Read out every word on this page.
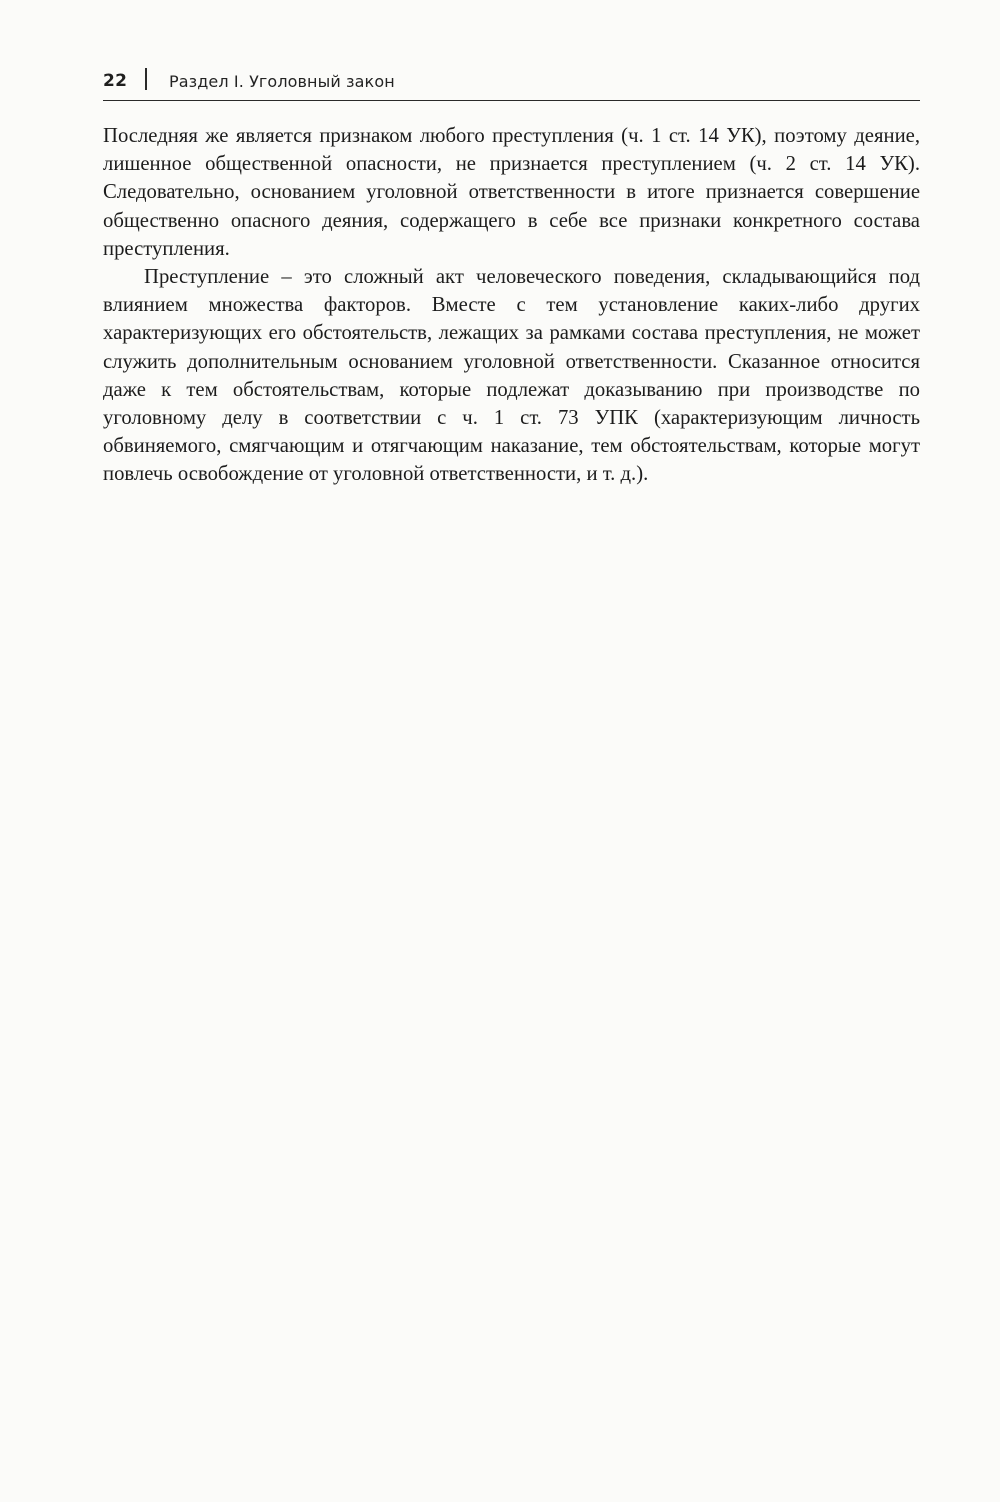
22	Раздел I. Уголовный закон

Последняя же является признаком любого преступления (ч. 1 ст. 14 УК), поэтому деяние, лишенное общественной опасности, не признается преступлением (ч. 2 ст. 14 УК). Следовательно, основанием уголовной ответственности в итоге признается совершение общественно опасного деяния, содержащего в себе все признаки конкретного состава преступления.

Преступление – это сложный акт человеческого поведения, складывающийся под влиянием множества факторов. Вместе с тем установление каких-либо других характеризующих его обстоятельств, лежащих за рамками состава преступления, не может служить дополнительным основанием уголовной ответственности. Сказанное относится даже к тем обстоятельствам, которые подлежат доказыванию при производстве по уголовному делу в соответствии с ч. 1 ст. 73 УПК (характеризующим личность обвиняемого, смягчающим и отягчающим наказание, тем обстоятельствам, которые могут повлечь освобождение от уголовной ответственности, и т. д.).
